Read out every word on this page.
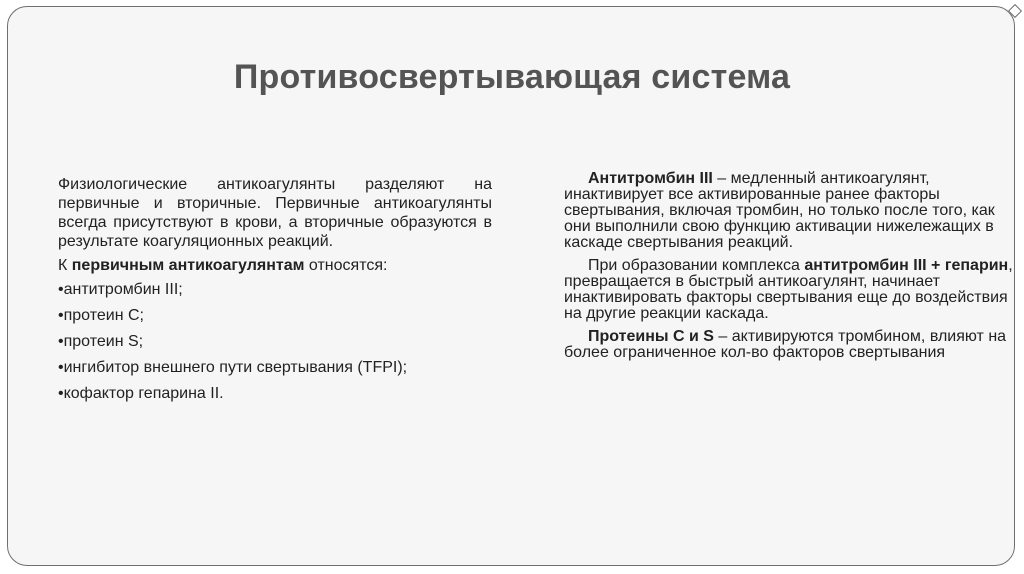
Противосвертывающая система

Физиологические антикоагулянты разделяют на первичные и вторичные. Первичные антикоагулянты всегда присутствуют в крови, а вторичные образуются в результате коагуляционных реакций.

К первичным антикоагулянтам относятся:

•антитромбин III;

•протеин C;

•протеин S;

•ингибитор внешнего пути свертывания (TFPI);

•кофактор гепарина II.

Антитромбин III – медленный антикоагулянт, инактивирует все активированные ранее факторы свертывания, включая тромбин, но только после того, как они выполнили свою функцию активации нижележащих в каскаде свертывания реакций.

При образовании комплекса антитромбин III + гепарин, превращается в быстрый антикоагулянт, начинает инактивировать факторы свертывания еще до воздействия на другие реакции каскада.

Протеины С и S – активируются тромбином, влияют на более ограниченное кол-во факторов свертывания
